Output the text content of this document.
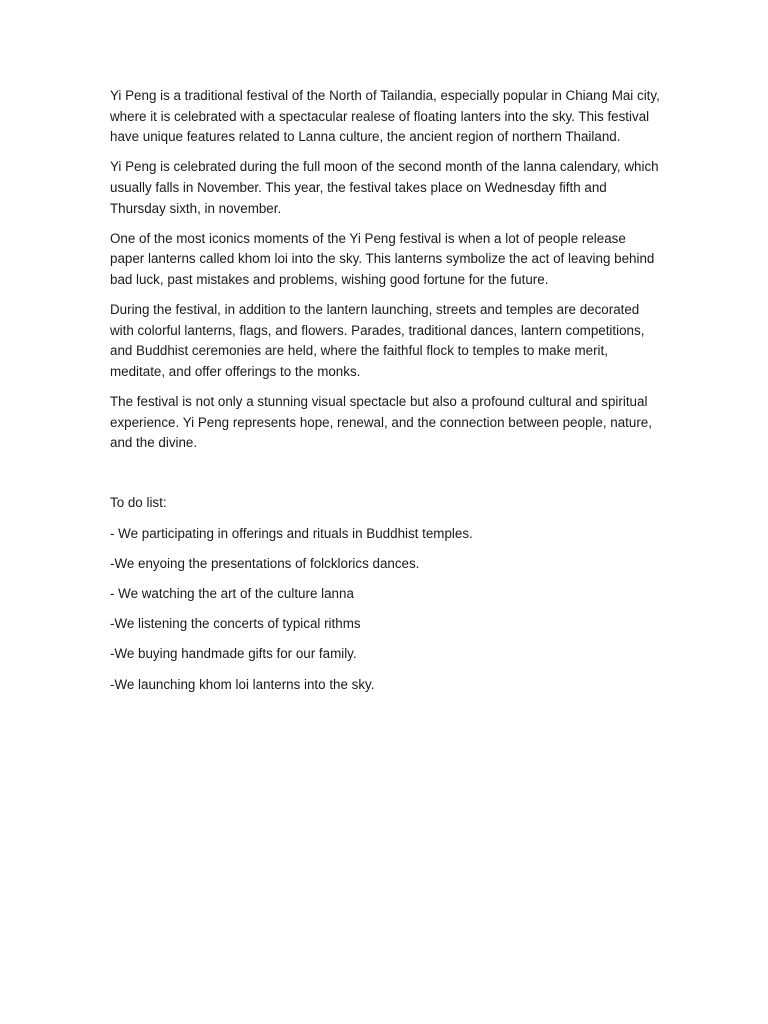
Yi Peng is a traditional festival of the North of Tailandia, especially popular in Chiang Mai city, where it is celebrated with a spectacular realese of floating lanters into the sky. This festival have unique features related to Lanna culture, the ancient region of northern Thailand.

Yi Peng is celebrated during the full moon of the second month of the lanna calendary, which usually falls in November. This year, the festival takes place on Wednesday fifth and Thursday sixth, in november.

One of the most iconics moments of the Yi Peng festival is when a lot of people release paper lanterns called khom loi into the sky. This lanterns symbolize the act of leaving behind bad luck, past mistakes and problems, wishing good fortune for the future.

During the festival, in addition to the lantern launching, streets and temples are decorated with colorful lanterns, flags, and flowers. Parades, traditional dances, lantern competitions, and Buddhist ceremonies are held, where the faithful flock to temples to make merit, meditate, and offer offerings to the monks.

The festival is not only a stunning visual spectacle but also a profound cultural and spiritual experience. Yi Peng represents hope, renewal, and the connection between people, nature, and the divine.

To do list:

- We participating in offerings and rituals in Buddhist temples.
-We enyoing the presentations of folcklorics dances.
- We watching the art of the culture lanna
-We listening the concerts of typical rithms
-We buying handmade gifts for our family.
-We launching khom loi lanterns into the sky.
